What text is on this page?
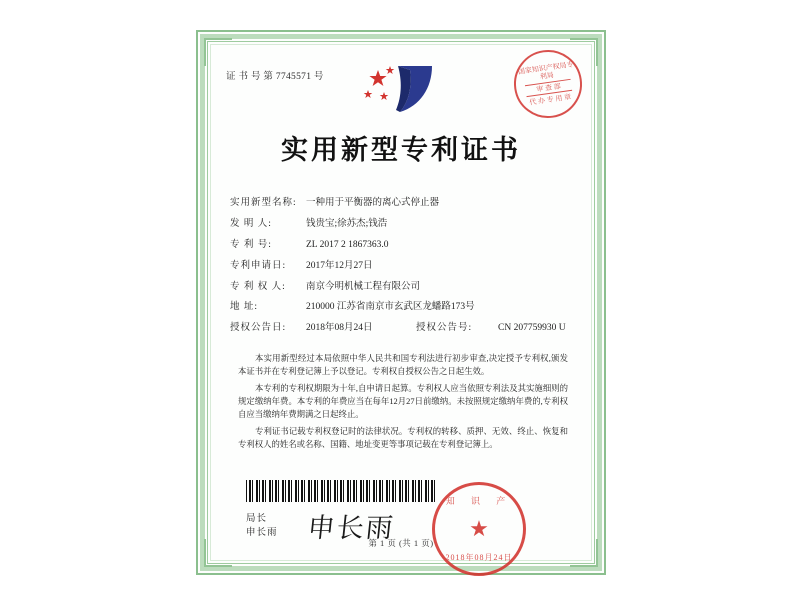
证 书 号 第 7745571 号
国家知识产权局专利局
审 查 部
代 办 专 用 章
实用新型专利证书
实用新型名称: 一种用于平衡器的离心式停止器
发 明 人:	钱贵宝;徐苏杰;钱浩
专 利 号:	ZL 2017 2 1867363.0
专利申请日:	2017年12月27日
专 利 权 人:	南京今明机械工程有限公司
地 址:	210000 江苏省南京市玄武区龙蟠路173号
授权公告日:	2018年08月24日	授权公告号:	CN 207759930 U

本实用新型经过本局依照中华人民共和国专利法进行初步审查,决定授予专利权,颁发本证书并在专利登记簿上予以登记。专利权自授权公告之日起生效。

本专利的专利权期限为十年,自申请日起算。专利权人应当依照专利法及其实施细则的规定缴纳年费。本专利的年费应当在每年12月27日前缴纳。未按照规定缴纳年费的,专利权自应当缴纳年费期满之日起终止。

专利证书记载专利权登记时的法律状况。专利权的转移、质押、无效、终止、恢复和专利权人的姓名或名称、国籍、地址变更等事项记载在专利登记簿上。

局长
申长雨 申长雨
知 识 产
★
2018年08月24日
第 1 页 (共 1 页)
